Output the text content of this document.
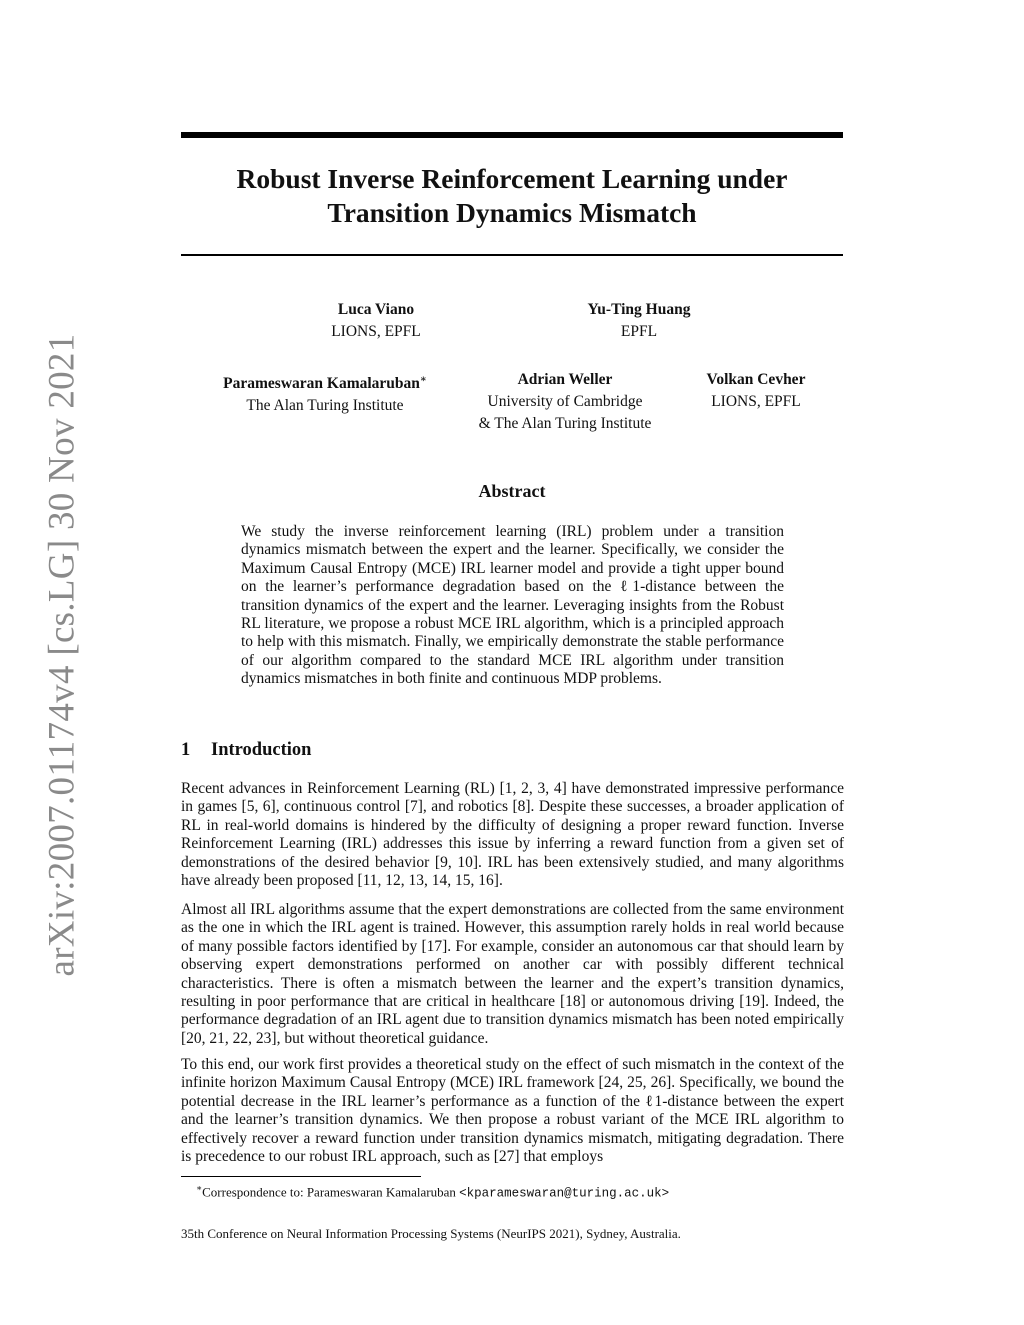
arXiv:2007.01174v4 [cs.LG] 30 Nov 2021
Robust Inverse Reinforcement Learning under
Transition Dynamics Mismatch
Luca Viano
LIONS, EPFL
Yu-Ting Huang
EPFL
Parameswaran Kamalaruban∗
The Alan Turing Institute
Adrian Weller
University of Cambridge
& The Alan Turing Institute
Volkan Cevher
LIONS, EPFL
Abstract
We study the inverse reinforcement learning (IRL) problem under a transition dynamics mismatch between the expert and the learner. Specifically, we consider the Maximum Causal Entropy (MCE) IRL learner model and provide a tight upper bound on the learner’s performance degradation based on the ℓ1-distance between the transition dynamics of the expert and the learner. Leveraging insights from the Robust RL literature, we propose a robust MCE IRL algorithm, which is a principled approach to help with this mismatch. Finally, we empirically demonstrate the stable performance of our algorithm compared to the standard MCE IRL algorithm under transition dynamics mismatches in both finite and continuous MDP problems.
1 Introduction
Recent advances in Reinforcement Learning (RL) [1, 2, 3, 4] have demonstrated impressive performance in games [5, 6], continuous control [7], and robotics [8]. Despite these successes, a broader application of RL in real-world domains is hindered by the difficulty of designing a proper reward function. Inverse Reinforcement Learning (IRL) addresses this issue by inferring a reward function from a given set of demonstrations of the desired behavior [9, 10]. IRL has been extensively studied, and many algorithms have already been proposed [11, 12, 13, 14, 15, 16].
Almost all IRL algorithms assume that the expert demonstrations are collected from the same environment as the one in which the IRL agent is trained. However, this assumption rarely holds in real world because of many possible factors identified by [17]. For example, consider an autonomous car that should learn by observing expert demonstrations performed on another car with possibly different technical characteristics. There is often a mismatch between the learner and the expert’s transition dynamics, resulting in poor performance that are critical in healthcare [18] or autonomous driving [19]. Indeed, the performance degradation of an IRL agent due to transition dynamics mismatch has been noted empirically [20, 21, 22, 23], but without theoretical guidance.
To this end, our work first provides a theoretical study on the effect of such mismatch in the context of the infinite horizon Maximum Causal Entropy (MCE) IRL framework [24, 25, 26]. Specifically, we bound the potential decrease in the IRL learner’s performance as a function of the ℓ1-distance between the expert and the learner’s transition dynamics. We then propose a robust variant of the MCE IRL algorithm to effectively recover a reward function under transition dynamics mismatch, mitigating degradation. There is precedence to our robust IRL approach, such as [27] that employs
∗Correspondence to: Parameswaran Kamalaruban <kparameswaran@turing.ac.uk>
35th Conference on Neural Information Processing Systems (NeurIPS 2021), Sydney, Australia.
